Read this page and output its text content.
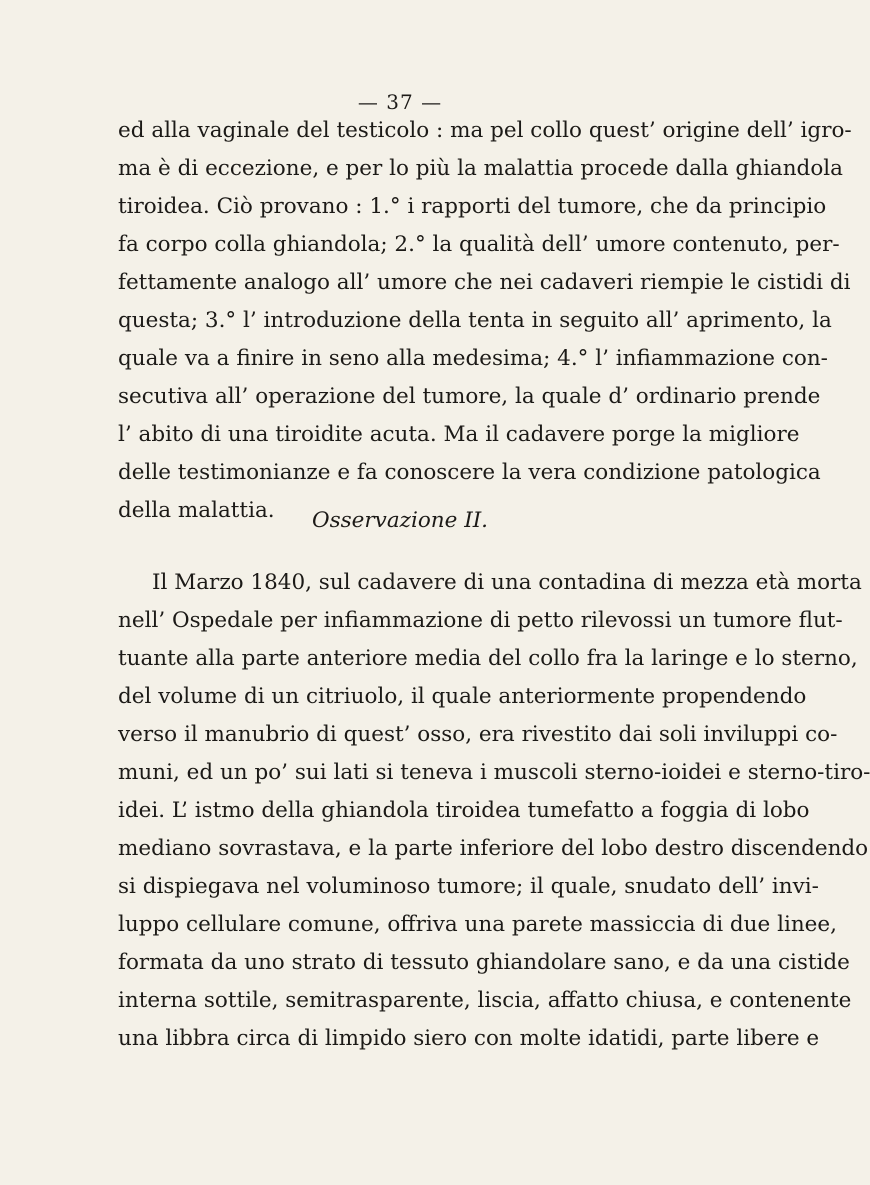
— 37 —
ed alla vaginale del testicolo : ma pel collo quest’ origine dell’ igro-
ma è di eccezione, e per lo più la malattia procede dalla ghiandola
tiroidea. Ciò provano : 1.° i rapporti del tumore, che da principio
fa corpo colla ghiandola; 2.° la qualità dell’ umore contenuto, per-
fettamente analogo all’ umore che nei cadaveri riempie le cistidi di
questa; 3.° l’ introduzione della tenta in seguito all’ aprimento, la
quale va a finire in seno alla medesima; 4.° l’ infiammazione con-
secutiva all’ operazione del tumore, la quale d’ ordinario prende
l’ abito di una tiroidite acuta. Ma il cadavere porge la migliore
delle testimonianze e fa conoscere la vera condizione patologica
Osservazione II.
Il Marzo 1840, sul cadavere di una contadina di mezza età morta
nell’ Ospedale per infiammazione di petto rilevossi un tumore flut-
tuante alla parte anteriore media del collo fra la laringe e lo sterno,
del volume di un citriuolo, il quale anteriormente propendendo
verso il manubrio di quest’ osso, era rivestito dai soli inviluppi co-
muni, ed un po’ sui lati si teneva i muscoli sterno-ioidei e sterno-tiro-
idei. L’ istmo della ghiandola tiroidea tumefatto a foggia di lobo
mediano sovrastava, e la parte inferiore del lobo destro discendendo
si dispiegava nel voluminoso tumore; il quale, snudato dell’ invi-
luppo cellulare comune, offriva una parete massiccia di due linee,
formata da uno strato di tessuto ghiandolare sano, e da una cistide
interna sottile, semitrasparente, liscia, affatto chiusa, e contenente
una libbra circa di limpido siero con molte idatidi, parte libere e
della malattia.
